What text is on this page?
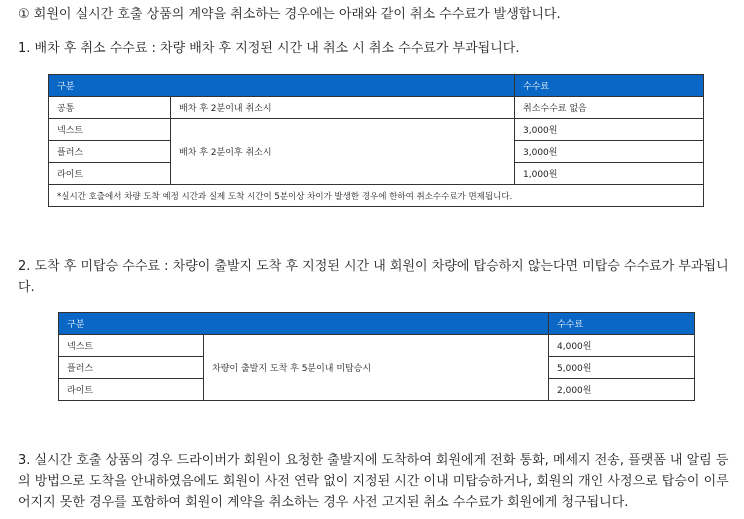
① 회원이 실시간 호출 상품의 계약을 취소하는 경우에는 아래와 같이 취소 수수료가 발생합니다.

1. 배차 후 취소 수수료 : 차량 배차 후 지정된 시간 내 취소 시 취소 수수료가 부과됩니다.

구분		수수료
공통	배차 후 2분이내 취소시	취소수수료 없음
넥스트	배차 후 2분이후 취소시	3,000원
플러스		3,000원
라이트		1,000원
*실시간 호출에서 차량 도착 예정 시간과 실제 도착 시간이 5분이상 차이가 발생한 경우에 한하여 취소수수료가 면제됩니다.		

2. 도착 후 미탑승 수수료 : 차량이 출발지 도착 후 지정된 시간 내 회원이 차량에 탑승하지 않는다면 미탑승 수수료가 부과됩니다.

구분		수수료
넥스트	차량이 출발지 도착 후 5분이내 미탑승시	4,000원
플러스		5,000원
라이트		2,000원

3. 실시간 호출 상품의 경우 드라이버가 회원이 요청한 출발지에 도착하여 회원에게 전화 통화, 메세지 전송, 플랫폼 내 알림 등의 방법으로 도착을 안내하였음에도 회원이 사전 연락 없이 지정된 시간 이내 미탑승하거나, 회원의 개인 사정으로 탑승이 이루어지지 못한 경우를 포함하여 회원이 계약을 취소하는 경우 사전 고지된 취소 수수료가 회원에게 청구됩니다.
